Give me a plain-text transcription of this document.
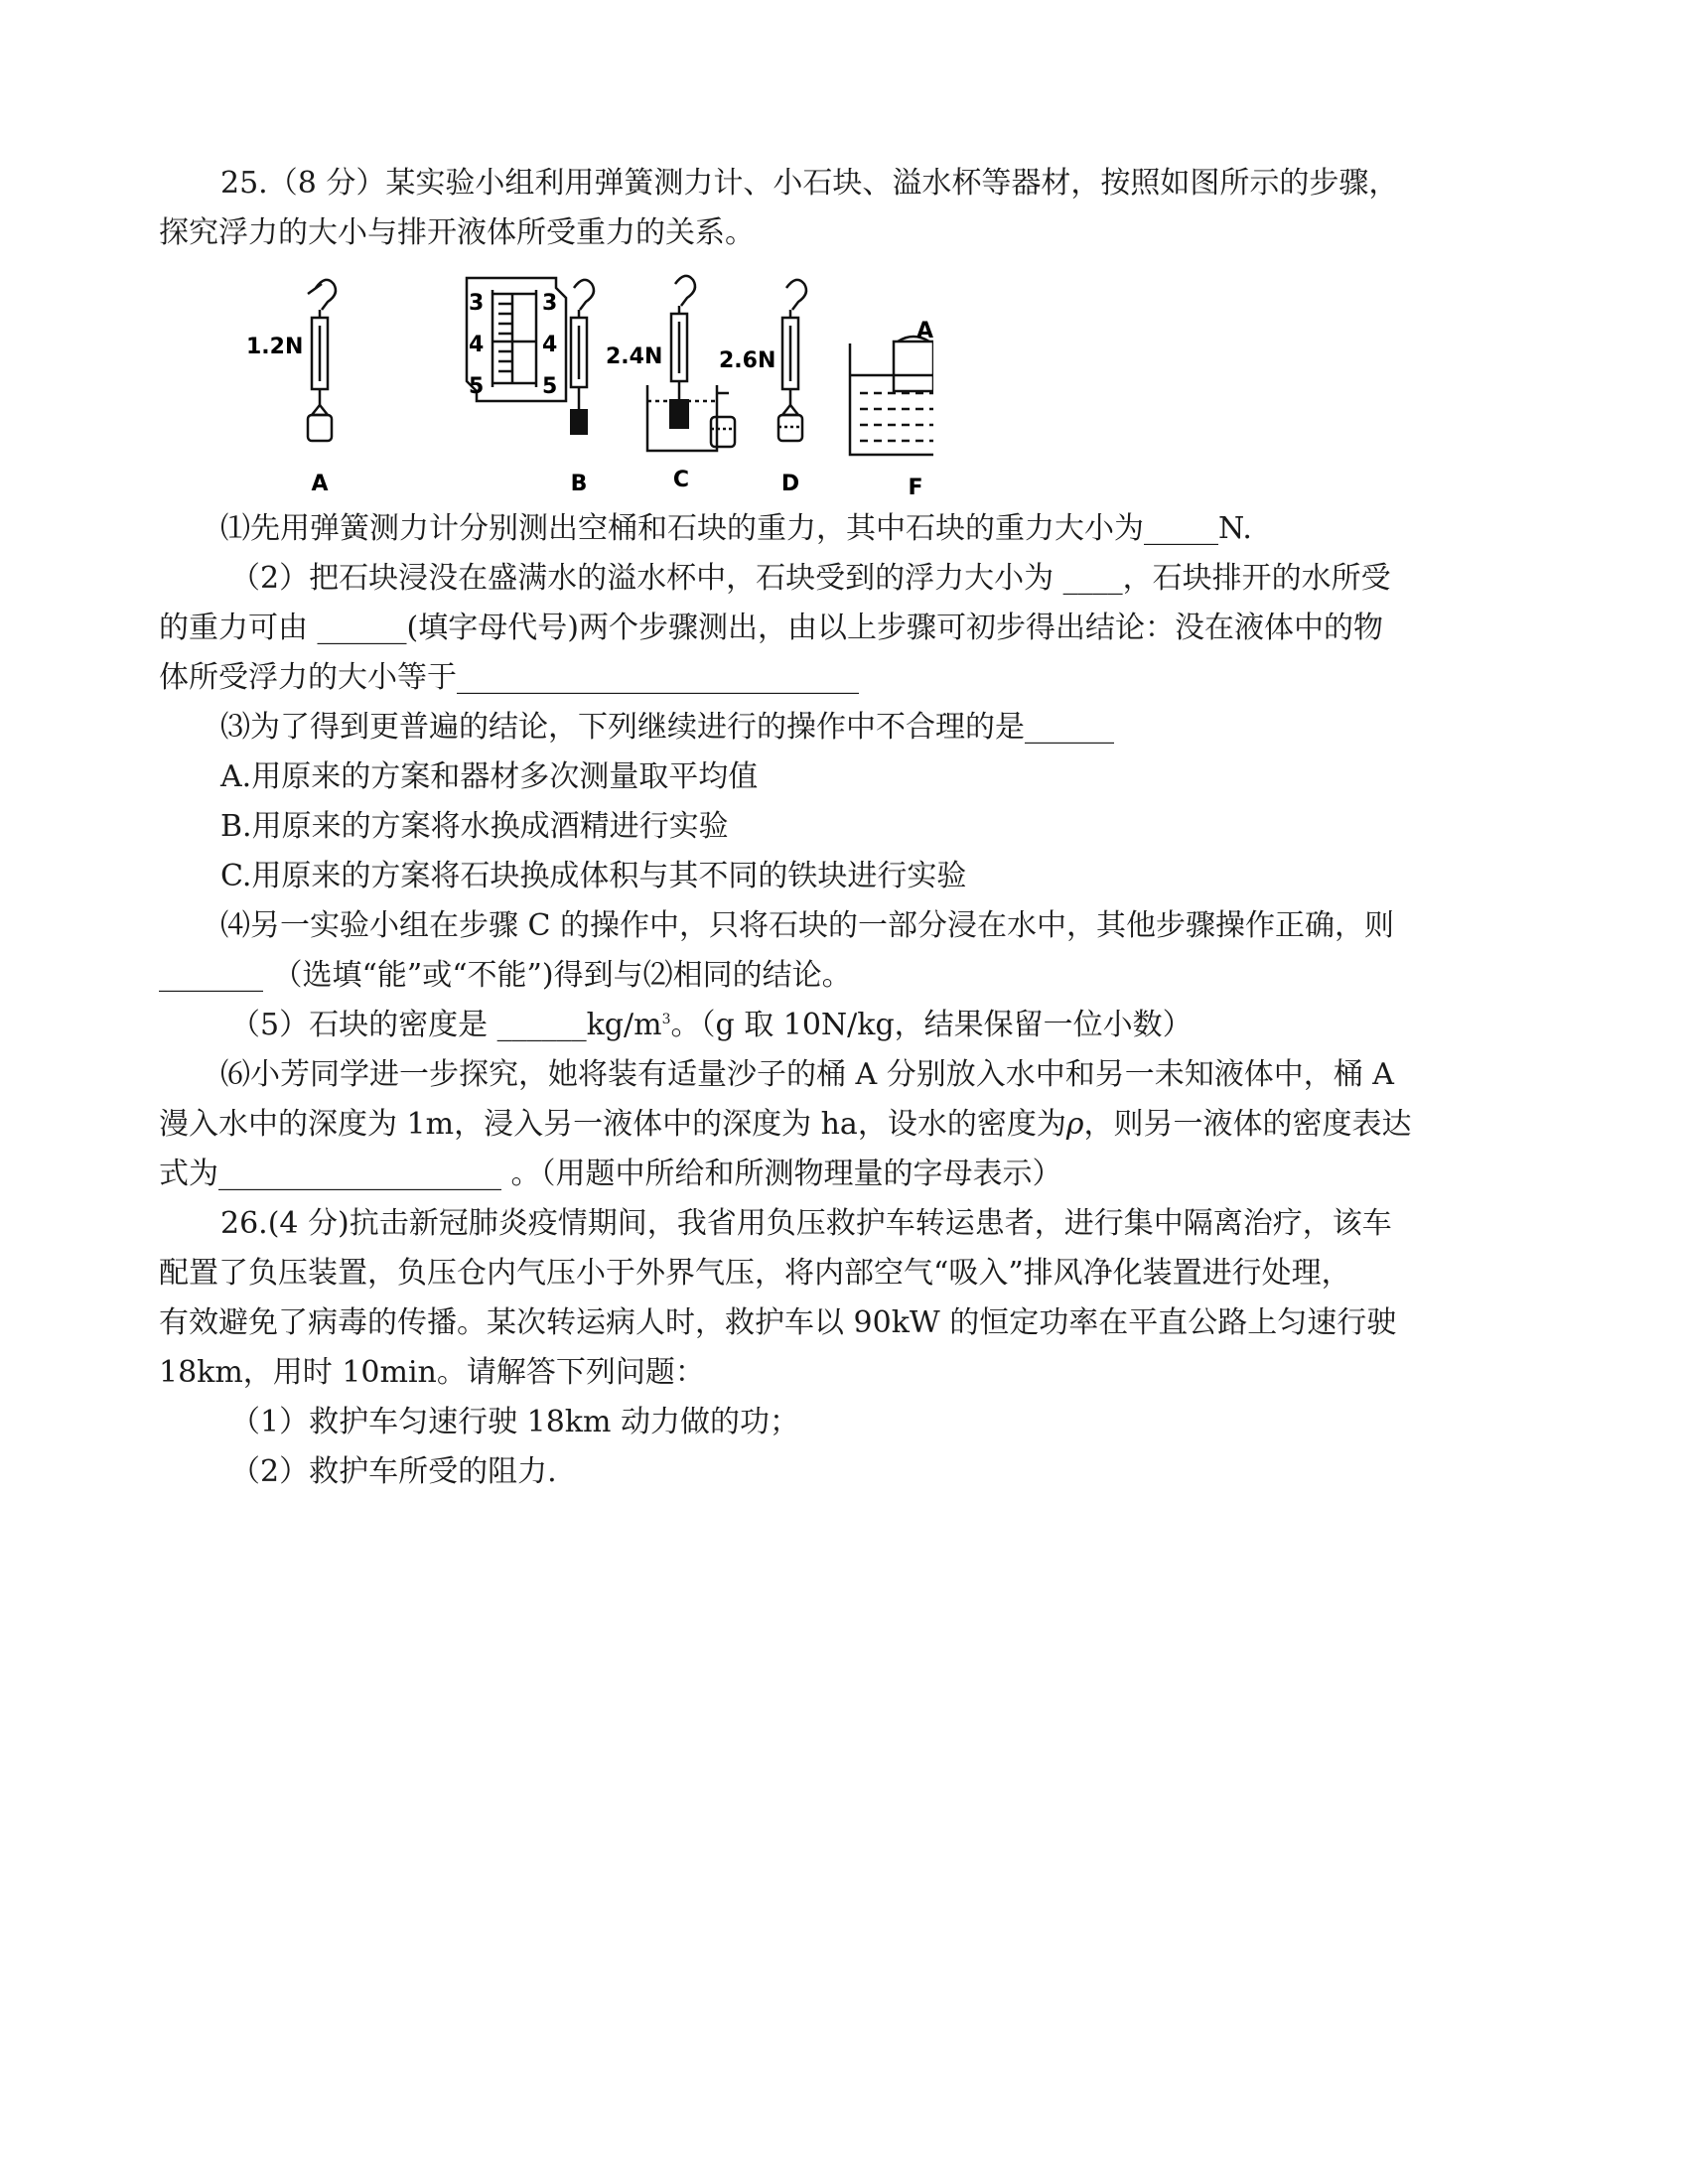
25.（8 分）某实验小组利用弹簧测力计、小石块、溢水杯等器材，按照如图所示的步骤，
探究浮力的大小与排开液体所受重力的关系。
1.2N
3
4
5
3
4
5
2.4N	2.6N
A
A	B	C	D	F
⑴先用弹簧测力计分别测出空桶和石块的重力，其中石块的重力大小为_____N.
（2）把石块浸没在盛满水的溢水杯中，石块受到的浮力大小为 ____，石块排开的水所受
的重力可由 ______(填字母代号)两个步骤测出，由以上步骤可初步得出结论：没在液体中的物
体所受浮力的大小等于___________________________
⑶为了得到更普遍的结论，下列继续进行的操作中不合理的是______
A.用原来的方案和器材多次测量取平均值
B.用原来的方案将水换成酒精进行实验
C.用原来的方案将石块换成体积与其不同的铁块进行实验
⑷另一实验小组在步骤 C 的操作中，只将石块的一部分浸在水中，其他步骤操作正确，则
_______ （选填“能”或“不能”)得到与⑵相同的结论。
（5）石块的密度是 $\_\_\_\_\_\_kg/m^3$。（g 取 10N/kg，结果保留一位小数）
⑹小芳同学进一步探究，她将装有适量沙子的桶 A 分别放入水中和另一未知液体中，桶 A
漫入水中的深度为 1m，浸入另一液体中的深度为 ha，设水的密度为ρ，则另一液体的密度表达
式为___________________ 。（用题中所给和所测物理量的字母表示）
26.(4 分)抗击新冠肺炎疫情期间，我省用负压救护车转运患者，进行集中隔离治疗，该车
配置了负压装置，负压仓内气压小于外界气压，将内部空气“吸入”排风净化装置进行处理，
有效避免了病毒的传播。某次转运病人时，救护车以 90kW 的恒定功率在平直公路上匀速行驶
18km，用时 10min。请解答下列问题：
（1）救护车匀速行驶 18km 动力做的功；
（2）救护车所受的阻力.
